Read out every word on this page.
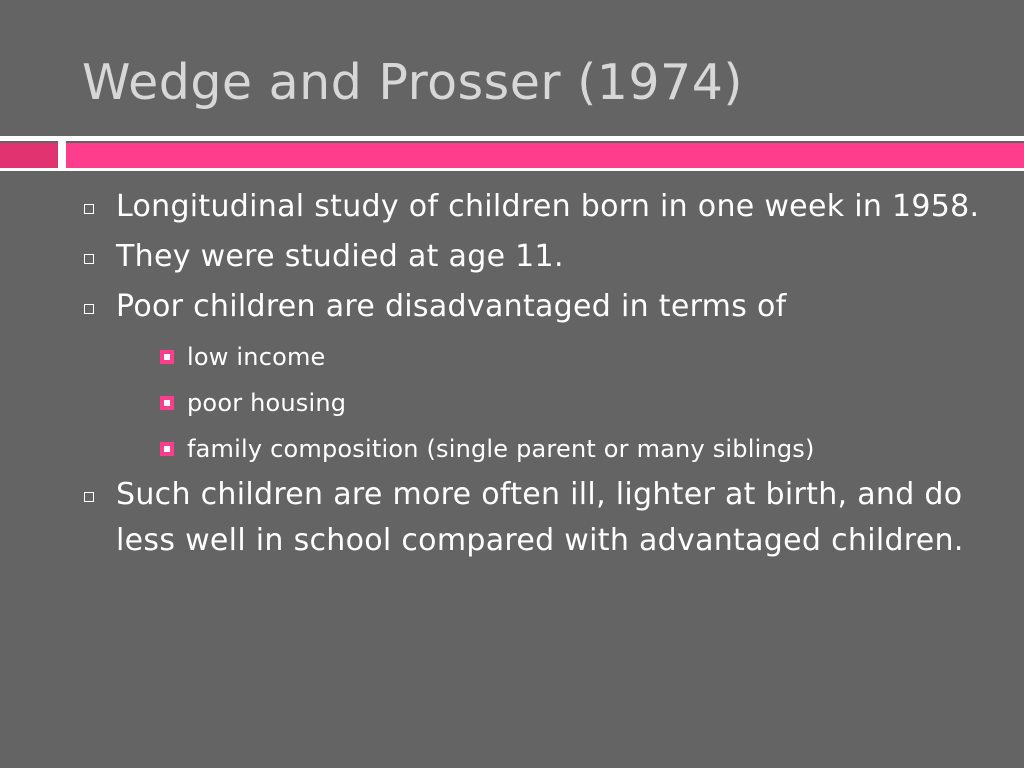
Wedge and Prosser (1974)
Longitudinal study of children born in one week in 1958.
They were studied at age 11.
Poor children are disadvantaged in terms of
low income
poor housing
family composition (single parent or many siblings)
Such children are more often ill, lighter at birth, and do less well in school compared with advantaged children.
